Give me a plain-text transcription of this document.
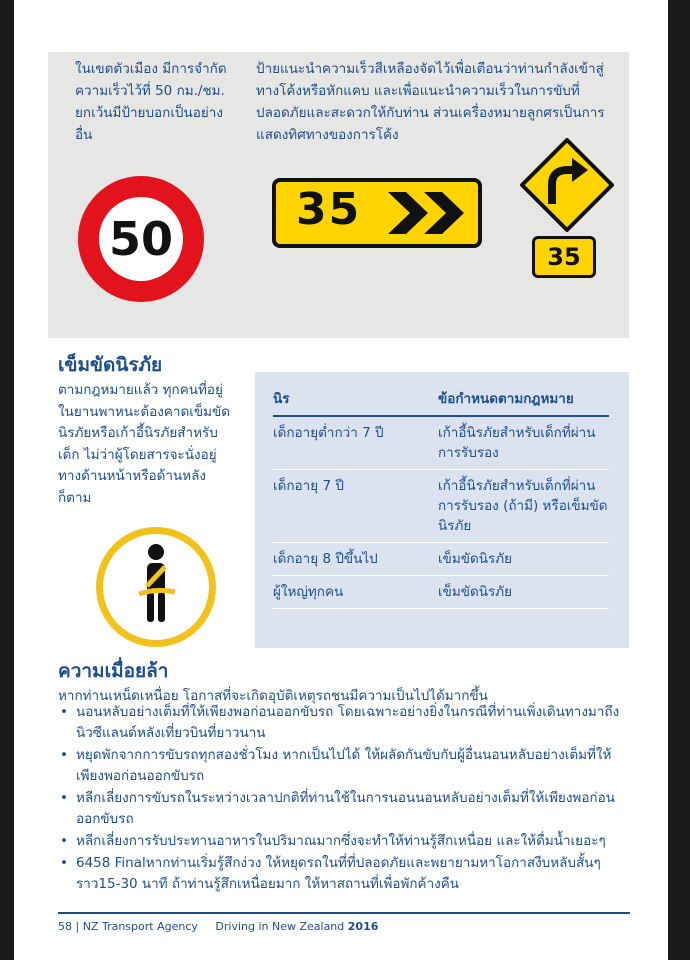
ในเขตตัวเมือง มีการจำกัดความเร็วไว้ที่ 50 กม./ชม. ยกเว้นมีป้ายบอกเป็นอย่างอื่น
ป้ายแนะนำความเร็วสีเหลืองจัดไว้เพื่อเตือนว่าท่านกำลังเข้าสู่ทางโค้งหรือหักแคบ และเพื่อแนะนำความเร็วในการขับที่ปลอดภัยและสะดวกให้กับท่าน ส่วนเครื่องหมายลูกศรเป็นการแสดงทิศทางของการโค้ง
50
35
35
เข็มขัดนิรภัย
ตามกฎหมายแล้ว ทุกคนที่อยู่ในยานพาหนะต้องคาดเข็มขัดนิรภัยหรือเก้าอี้นิรภัยสำหรับเด็ก ไม่ว่าผู้โดยสารจะนั่งอยู่ทางด้านหน้าหรือด้านหลังก็ตาม
นิร	ข้อกำหนดตามกฎหมาย
เด็กอายุต่ำกว่า 7 ปี	เก้าอี้นิรภัยสำหรับเด็กที่ผ่านการรับรอง
เด็กอายุ 7 ปี	เก้าอี้นิรภัยสำหรับเด็กที่ผ่านการรับรอง (ถ้ามี) หรือเข็มขัดนิรภัย
เด็กอายุ 8 ปีขึ้นไป	เข็มขัดนิรภัย
ผู้ใหญ่ทุกคน	เข็มขัดนิรภัย
ความเมื่อยล้า
หากท่านเหน็ดเหนื่อย โอกาสที่จะเกิดอุบัติเหตุรถชนมีความเป็นไปได้มากขึ้น
• นอนหลับอย่างเต็มที่ให้เพียงพอก่อนออกขับรถ โดยเฉพาะอย่างยิ่งในกรณีที่ท่านเพิ่งเดินทางมาถึงนิวซีแลนด์หลังเที่ยวบินที่ยาวนาน
• หยุดพักจากการขับรถทุกสองชั่วโมง หากเป็นไปได้ ให้ผลัดกันขับกับผู้อื่นนอนหลับอย่างเต็มที่ให้เพียงพอก่อนออกขับรถ
• หลีกเลี่ยงการขับรถในระหว่างเวลาปกติที่ท่านใช้ในการนอนนอนหลับอย่างเต็มที่ให้เพียงพอก่อนออกขับรถ
• หลีกเลี่ยงการรับประทานอาหารในปริมาณมากซึ่งจะทำให้ท่านรู้สึกเหนื่อย และให้ดื่มน้ำเยอะๆ
• 6458 Finalหากท่านเริ่มรู้สึกง่วง ให้หยุดรถในที่ที่ปลอดภัยและพยายามหาโอกาสงีบหลับสั้นๆ ราว15-30 นาที ถ้าท่านรู้สึกเหนื่อยมาก ให้หาสถานที่เพื่อพักค้างคืน
58 | NZ Transport Agency Driving in New Zealand 2016
